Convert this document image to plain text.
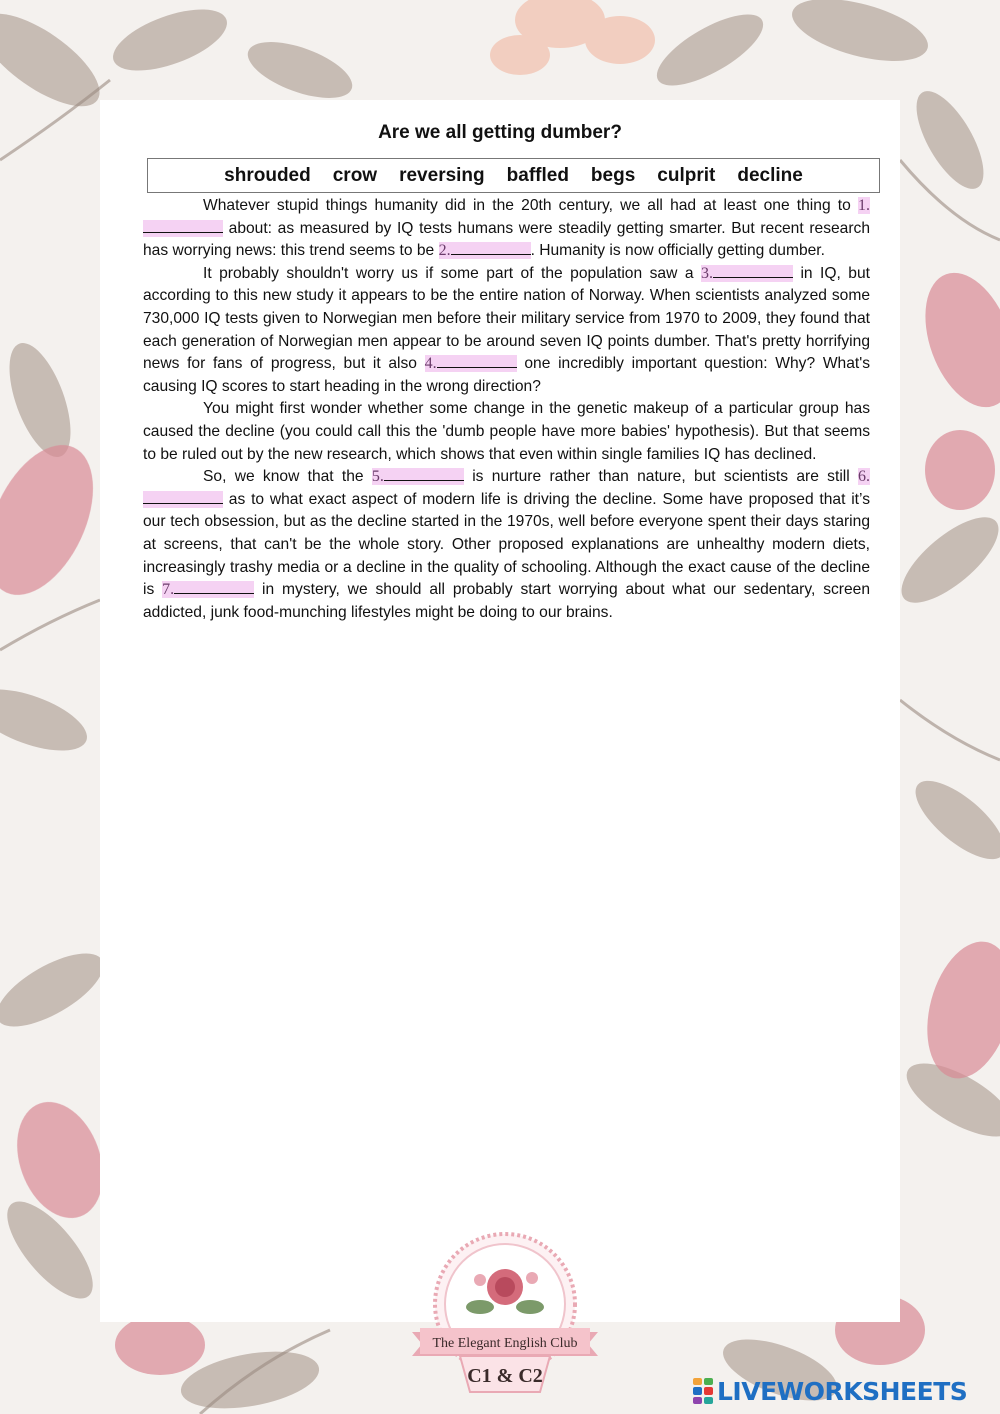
Are we all getting dumber?
shrouded crow reversing baffled begs culprit decline

Whatever stupid things humanity did in the 20th century, we all had at least one thing to 1. about: as measured by IQ tests humans were steadily getting smarter. But recent research has worrying news: this trend seems to be 2.	. Humanity is now officially getting dumber.

It probably shouldn't worry us if some part of the population saw a 3.	in IQ, but according to this new study it appears to be the entire nation of Norway. When scientists analyzed some 730,000 IQ tests given to Norwegian men before their military service from 1970 to 2009, they found that each generation of Norwegian men appear to be around seven IQ points dumber. That's pretty horrifying news for fans of progress, but it also 4.	one incredibly important question: Why? What's causing IQ scores to start heading in the wrong direction?

You might first wonder whether some change in the genetic makeup of a particular group has caused the decline (you could call this the 'dumb people have more babies' hypothesis). But that seems to be ruled out by the new research, which shows that even within single families IQ has declined.

So, we know that the 5.	is nurture rather than nature, but scientists are still 6. as to what exact aspect of modern life is driving the decline. Some have proposed that it’s our tech obsession, but as the decline started in the 1970s, well before everyone spent their days staring at screens, that can't be the whole story. Other proposed explanations are unhealthy modern diets, increasingly trashy media or a decline in the quality of schooling. Although the exact cause of the decline is 7.	in mystery, we should all probably start worrying about what our sedentary, screen addicted, junk food-munching lifestyles might be doing to our brains.

The Elegant English Club
C1 & C2
LIVEWORKSHEETS
